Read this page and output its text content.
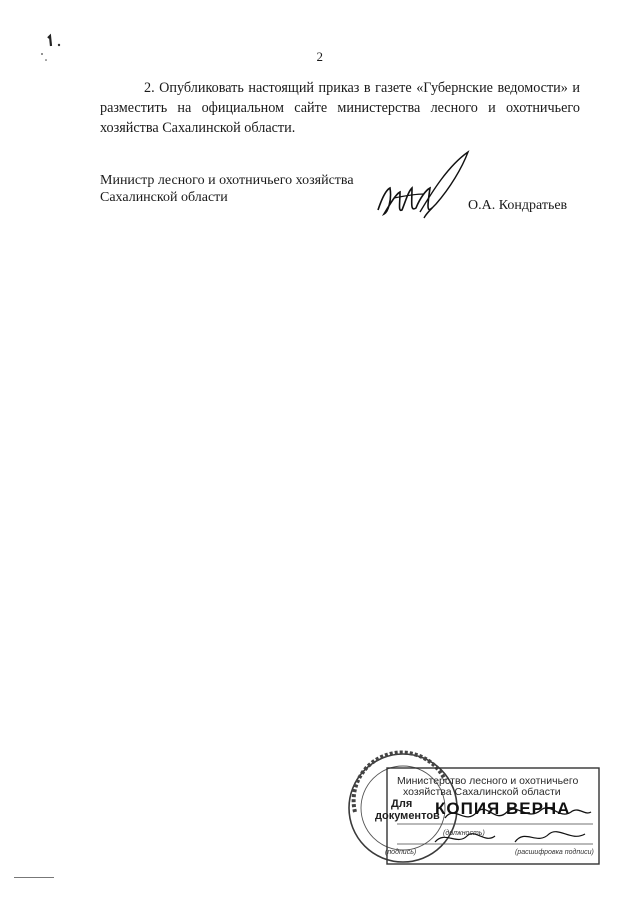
2
2. Опубликовать настоящий приказ в газете «Губернские ведомости» и разместить на официальном сайте министерства лесного и охотничьего хозяйства Сахалинской области.
Министр лесного и охотничьего хозяйства
Сахалинской области
О.А. Кондратьев
Министерство лесного и охотничьего
хозяйства Сахалинской области
Для
документов
КОПИЯ ВЕРНА
(должность)
(подпись)	(расшифровка подписи)
